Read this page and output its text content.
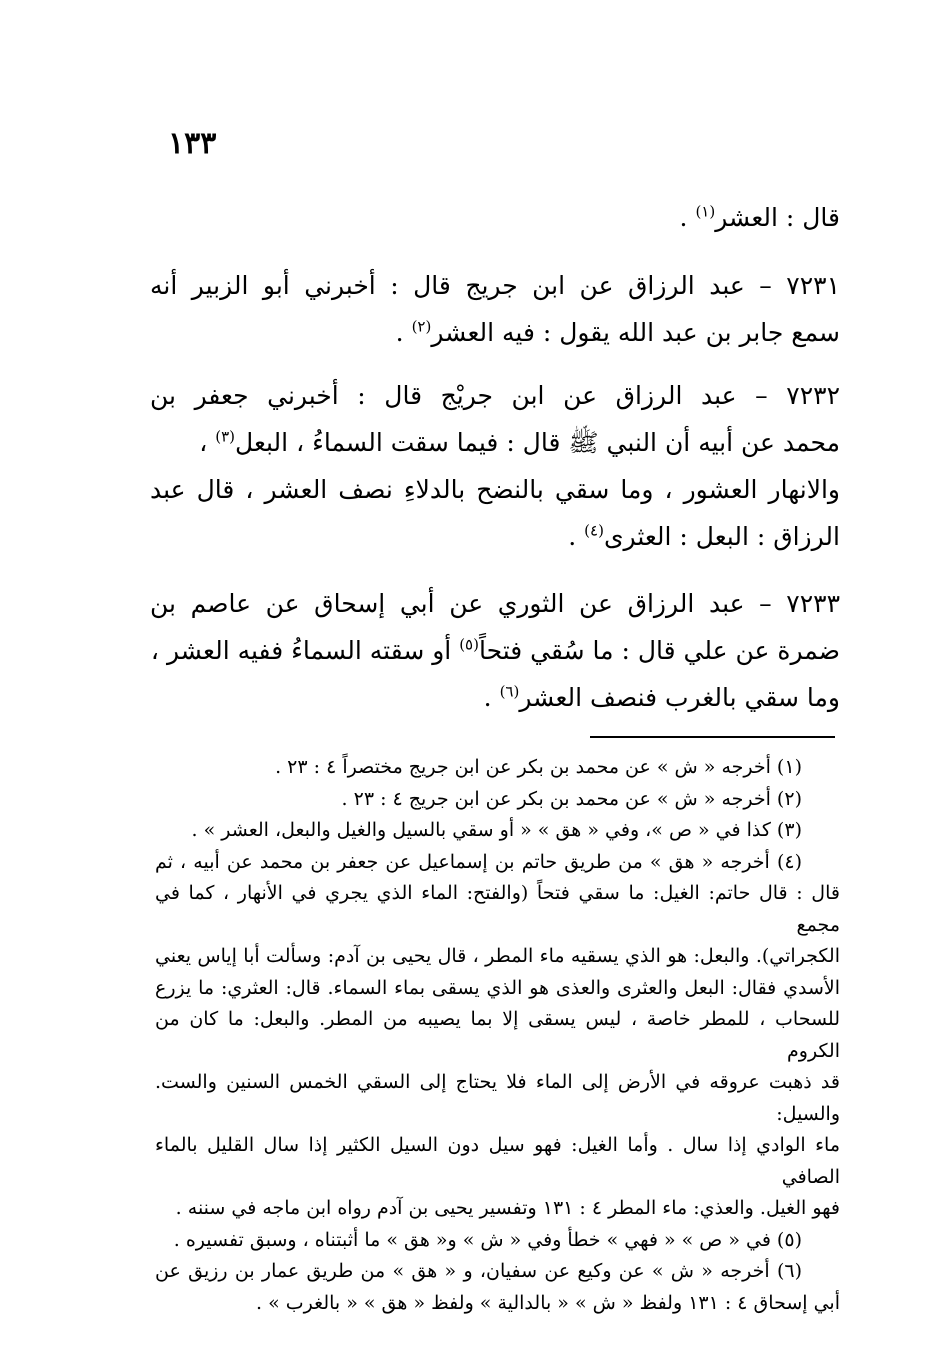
١٣٣
قال : العشر$^{(١)}$ .
٧٢٣١ – عبد الرزاق عن ابن جريج قال : أخبرني أبو الزبير أنه
سمع جابر بن عبد الله يقول : فيه العشر$^{(٢)}$ .
٧٢٣٢ – عبد الرزاق عن ابن جريْج قال : أخبرني جعفر بن
محمد عن أبيه أن النبي ﷺ قال : فيما سقت السماءُ ، البعل$^{(٣)}$ ،
والانهار العشور ، وما سقي بالنضح بالدلاءِ نصف العشر ، قال عبد
الرزاق : البعل : العثرى$^{(٤)}$ .
٧٢٣٣ – عبد الرزاق عن الثوري عن أبي إسحاق عن عاصم بن
ضمرة عن علي قال : ما سُقي فتحاً$^{(٥)}$ أو سقته السماءُ ففيه العشر ،
وما سقي بالغرب فنصف العشر$^{(٦)}$ .
(١) أخرجه « ش » عن محمد بن بكر عن ابن جريج مختصراً ٤ : ٢٣ .
(٢) أخرجه « ش » عن محمد بن بكر عن ابن جريج ٤ : ٢٣ .
(٣) كذا في « ص »، وفي « هق » « أو سقي بالسيل والغيل والبعل، العشر » .
(٤) أخرجه « هق » من طريق حاتم بن إسماعيل عن جعفر بن محمد عن أبيه ، ثم
قال : قال حاتم: الغيل: ما سقي فتحاً (والفتح: الماء الذي يجري في الأنهار ، كما في مجمع
الكجراتي). والبعل: هو الذي يسقيه ماء المطر ، قال يحيى بن آدم: وسألت أبا إياس يعني
الأسدي فقال: البعل والعثرى والعذى هو الذي يسقى بماء السماء. قال: العثري: ما يزرع
للسحاب ، للمطر خاصة ، ليس يسقى إلا بما يصيبه من المطر. والبعل: ما كان من الكروم
قد ذهبت عروقه في الأرض إلى الماء فلا يحتاج إلى السقي الخمس السنين والست. والسيل:
ماء الوادي إذا سال . وأما الغيل: فهو سيل دون السيل الكثير إذا سال القليل بالماء الصافي
فهو الغيل. والعذي: ماء المطر ٤ : ١٣١ وتفسير يحيى بن آدم رواه ابن ماجه في سننه .
(٥) في « ص » « فهي » خطأ وفي « ش » و« هق » ما أثبتناه ، وسبق تفسيره .
(٦) أخرجه « ش » عن وكيع عن سفيان، و « هق » من طريق عمار بن رزيق عن
أبي إسحاق ٤ : ١٣١ ولفظ « ش » « بالدالية » ولفظ « هق » « بالغرب » .
